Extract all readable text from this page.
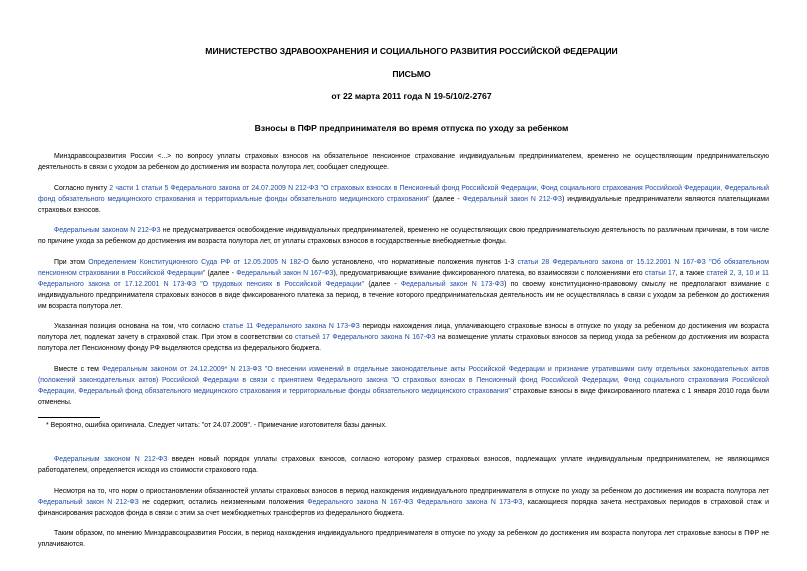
МИНИСТЕРСТВО ЗДРАВООХРАНЕНИЯ И СОЦИАЛЬНОГО РАЗВИТИЯ РОССИЙСКОЙ ФЕДЕРАЦИИ

ПИСЬМО

от 22 марта 2011 года N 19-5/10/2-2767

Взносы в ПФР предпринимателя во время отпуска по уходу за ребенком

Минздравсоцразвития России <...> по вопросу уплаты страховых взносов на обязательное пенсионное страхование индивидуальным предпринимателем, временно не осуществляющим предпринимательскую деятельность в связи с уходом за ребенком до достижения им возраста полутора лет, сообщает следующее.

Согласно пункту 2 части 1 статьи 5 Федерального закона от 24.07.2009 N 212-ФЗ "О страховых взносах в Пенсионный фонд Российской Федерации, Фонд социального страхования Российской Федерации, Федеральный фонд обязательного медицинского страхования и территориальные фонды обязательного медицинского страхования" (далее - Федеральный закон N 212-ФЗ) индивидуальные предприниматели являются плательщиками страховых взносов.

Федеральным законом N 212-ФЗ не предусматривается освобождение индивидуальных предпринимателей, временно не осуществляющих свою предпринимательскую деятельность по различным причинам, в том числе по причине ухода за ребенком до достижения им возраста полутора лет, от уплаты страховых взносов в государственные внебюджетные фонды.

При этом Определением Конституционного Суда РФ от 12.05.2005 N 182-О было установлено, что нормативные положения пунктов 1-3 статьи 28 Федерального закона от 15.12.2001 N 167-ФЗ "Об обязательном пенсионном страховании в Российской Федерации" (далее - Федеральный закон N 167-ФЗ), предусматривающие взимание фиксированного платежа, во взаимосвязи с положениями его статьи 17, а также статей 2, 3, 10 и 11 Федерального закона от 17.12.2001 N 173-ФЗ "О трудовых пенсиях в Российской Федерации" (далее - Федеральный закон N 173-ФЗ) по своему конституционно-правовому смыслу не предполагают взимание с индивидуального предпринимателя страховых взносов в виде фиксированного платежа за период, в течение которого предпринимательская деятельность им не осуществлялась в связи с уходом за ребенком до достижения им возраста полутора лет.

Указанная позиция основана на том, что согласно статье 11 Федерального закона N 173-ФЗ периоды нахождения лица, уплачивающего страховые взносы в отпуске по уходу за ребенком до достижения им возраста полутора лет, подлежат зачету в страховой стаж. При этом в соответствии со статьей 17 Федерального закона N 167-ФЗ на возмещение уплаты страховых взносов за период ухода за ребенком до достижения им возраста полутора лет Пенсионному фонду РФ выделяются средства из федерального бюджета.

Вместе с тем Федеральным законом от 24.12.2009* N 213-ФЗ "О внесении изменений в отдельные законодательные акты Российской Федерации и признание утратившими силу отдельных законодательных актов (положений законодательных актов) Российской Федерации в связи с принятием Федерального закона "О страховых взносах в Пенсионный фонд Российской Федерации, Фонд социального страхования Российской Федерации, Федеральный фонд обязательного медицинского страхования и территориальные фонды обязательного медицинского страхования" страховые взносы в виде фиксированного платежа с 1 января 2010 года были отменены.

* Вероятно, ошибка оригинала. Следует читать: "от 24.07.2009". - Примечание изготовителя базы данных.

Федеральным законом N 212-ФЗ введен новый порядок уплаты страховых взносов, согласно которому размер страховых взносов, подлежащих уплате индивидуальным предпринимателем, не являющимся работодателем, определяется исходя из стоимости страхового года.

Несмотря на то, что норм о приостановлении обязанностей уплаты страховых взносов в период нахождения индивидуального предпринимателя в отпуске по уходу за ребенком до достижения им возраста полутора лет Федеральный закон N 212-ФЗ не содержит, остались неизменными положения Федерального закона N 167-ФЗ Федерального закона N 173-ФЗ, касающиеся порядка зачета нестраховых периодов в страховой стаж и финансирования расходов фонда в связи с этим за счет межбюджетных трансфертов из федерального бюджета.

Таким образом, по мнению Минздравсоцразвития России, в период нахождения индивидуального предпринимателя в отпуске по уходу за ребенком до достижения им возраста полутора лет страховые взносы в ПФР не уплачиваются.
